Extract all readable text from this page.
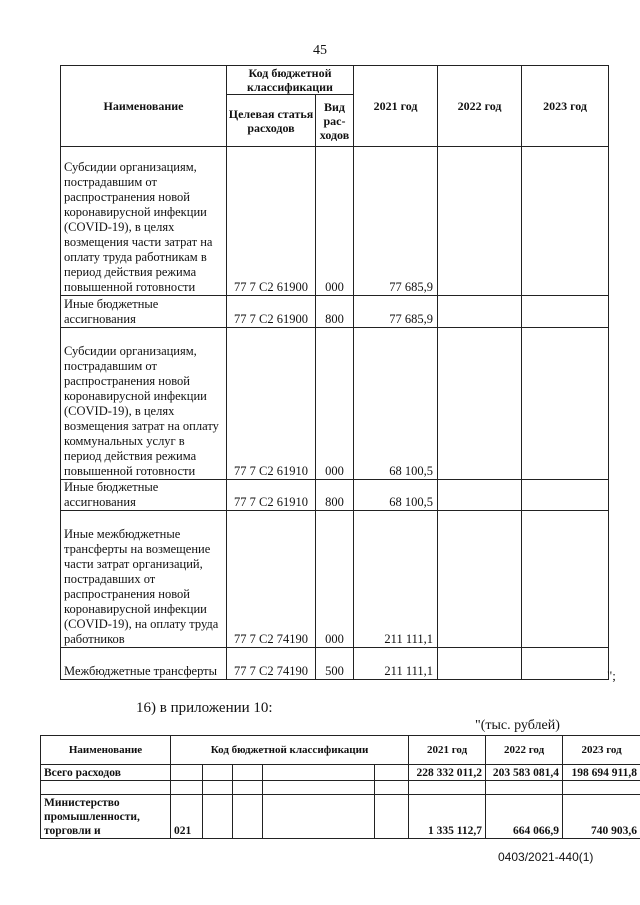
45
Наименование	Код бюджетной классификации		2021 год	2022 год	2023 год
	Целевая статья расходов	Вид рас-ходов			
Субсидии организациям, пострадавшим от распространения новой коронавирусной инфекции (COVID-19), в целях возмещения части затрат на оплату труда работникам в период действия режима повышенной готовности	77 7 С2 61900	000	77 685,9		
Иные бюджетные ассигнования	77 7 С2 61900	800	77 685,9		
Субсидии организациям, пострадавшим от распространения новой коронавирусной инфекции (COVID-19), в целях возмещения затрат на оплату коммунальных услуг в период действия режима повышенной готовности	77 7 С2 61910	000	68 100,5		
Иные бюджетные ассигнования	77 7 С2 61910	800	68 100,5		
Иные межбюджетные трансферты на возмещение части затрат организаций, пострадавших от распространения новой коронавирусной инфекции (COVID-19), на оплату труда работников	77 7 С2 74190	000	211 111,1		
Межбюджетные трансферты	77 7 С2 74190	500	211 111,1			";
16) в приложении 10:
"(тыс. рублей)
Наименование	Код бюджетной классификации					2021 год	2022 год	2023 год
Всего расходов						228 332 011,2	203 583 081,4	198 694 911,8

Министерство промышленности, торговли и	021					1 335 112,7	664 066,9	740 903,6
0403/2021-440(1)
